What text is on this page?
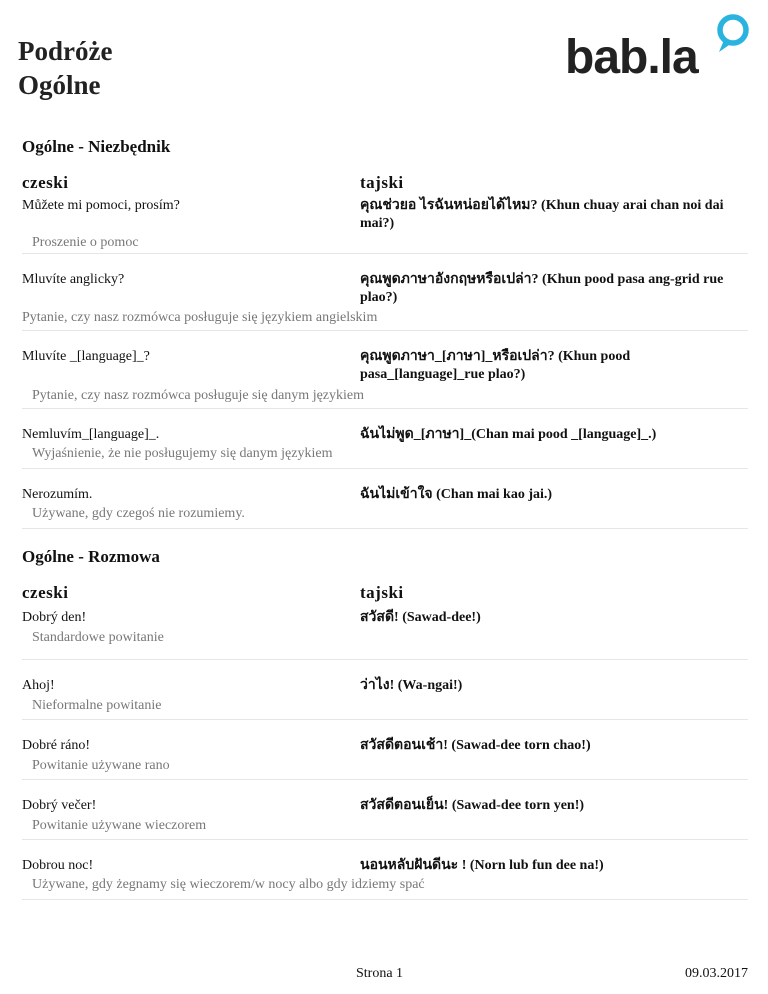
Podróże
Ogólne
bab.la
Ogólne - Niezbędnik
czeski	tajski
Můžete mi pomoci, prosím?	คุณช่วยอ ไรฉันหน่อยได้ไหม? (Khun chuay arai chan noi dai mai?)
Proszenie o pomoc
Mluvíte anglicky?	คุณพูดภาษาอังกฤษหรือเปล่า? (Khun pood pasa ang-grid rue plao?)
Pytanie, czy nasz rozmówca posługuje się językiem angielskim
Mluvíte _[language]_?	คุณพูดภาษา_[ภาษา]_หรือเปล่า? (Khun pood pasa_[language]_rue plao?)
Pytanie, czy nasz rozmówca posługuje się danym językiem
Nemluvím_[language]_.	ฉันไม่พูด_[ภาษา]_(Chan mai pood _[language]_.)
Wyjaśnienie, że nie posługujemy się danym językiem
Nerozumím.	ฉันไม่เข้าใจ (Chan mai kao jai.)
Używane, gdy czegoś nie rozumiemy.
Ogólne - Rozmowa
czeski	tajski
Dobrý den!	สวัสดี! (Sawad-dee!)
Standardowe powitanie
Ahoj!	ว่าไง! (Wa-ngai!)
Nieformalne powitanie
Dobré ráno!	สวัสดีตอนเช้า! (Sawad-dee torn chao!)
Powitanie używane rano
Dobrý večer!	สวัสดีตอนเย็น! (Sawad-dee torn yen!)
Powitanie używane wieczorem
Dobrou noc!	นอนหลับฝันดีนะ ! (Norn lub fun dee na!)
Używane, gdy żegnamy się wieczorem/w nocy albo gdy idziemy spać
Strona 1	09.03.2017
